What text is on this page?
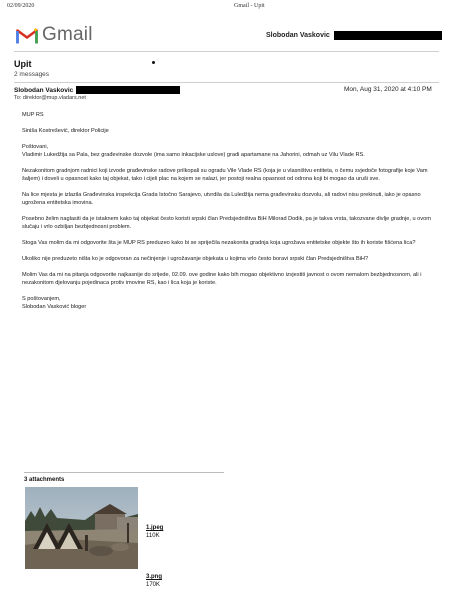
02/09/2020	Gmail - Upit
Gmail	Slobodan Vaskovic
Upit
2 messages
Slobodan Vaskovic	Mon, Aug 31, 2020 at 4:10 PM
To: direktor@mup.vladars.net

MUP RS

Siniša Kostrešević, direktor Policije

Poštovani,
Vladimir Lukedžija sa Pala, bez građevinske dozvole (ima samo inkacijske uslove) gradi apartamane na Jahorini, odmah uz Vilu Vlade RS.

Nezakonitom gradnjom radnici koji izvode građevinske radove prilkopali su ogradu Vile Vlade RS (koja je u vlasništvu entiteta, o čemu svjedoče fotografije koje Vam šaljem) i doveli u opasnost kako taj objekat, tako i cijeli plac na kojem se nalazi, jer postoji realna opasnost od odrona koji bi mogao da uruši sve.

Na lice mjesta je izlazila Građevinska inspekcija Grada Istočno Sarajevo, utvrdila da Luledžija nema građevinsku dozvolu, ali radovi nisu prekinuti, iako je opasno ugrožena entitetska imovina.

Posebno želim naglasiti da je istaknem kako taj objekat često koristi srpski član Predsjedništva BiH Milorad Dodik, pa je takva vrsta, takozvane divlje gradnje, u ovom slučaju i vrlo ozbiljan bezbjednosni problem.

Stoga Vas molim da mi odgovorite šta je MUP RS preduzeo kako bi se spriječila nezakonita gradnja koja ugrožava entitetske objekte što ih koriste fišćena lica?

Ukoliko nije preduzeto ništa ko je odgovoran za nečinjenje i ugrožavanje objekata u kojima vrlo često boravi srpski član Predsjedništva BiH?

Molim Vas da mi na pitanja odgovorite najkasnije do srijede, 02.09. ove godine kako bih mogao objektivno izvjestiti javnost o ovom nemalom bezbjednosnom, ali i nezakonitom djelovanju pojedinaca protiv imovine RS, kao i lica koja je koriste.

S poštovanjem,
Slobodan Vasković bloger

3 attachments
1.jpeg
110K
3.png
170K
